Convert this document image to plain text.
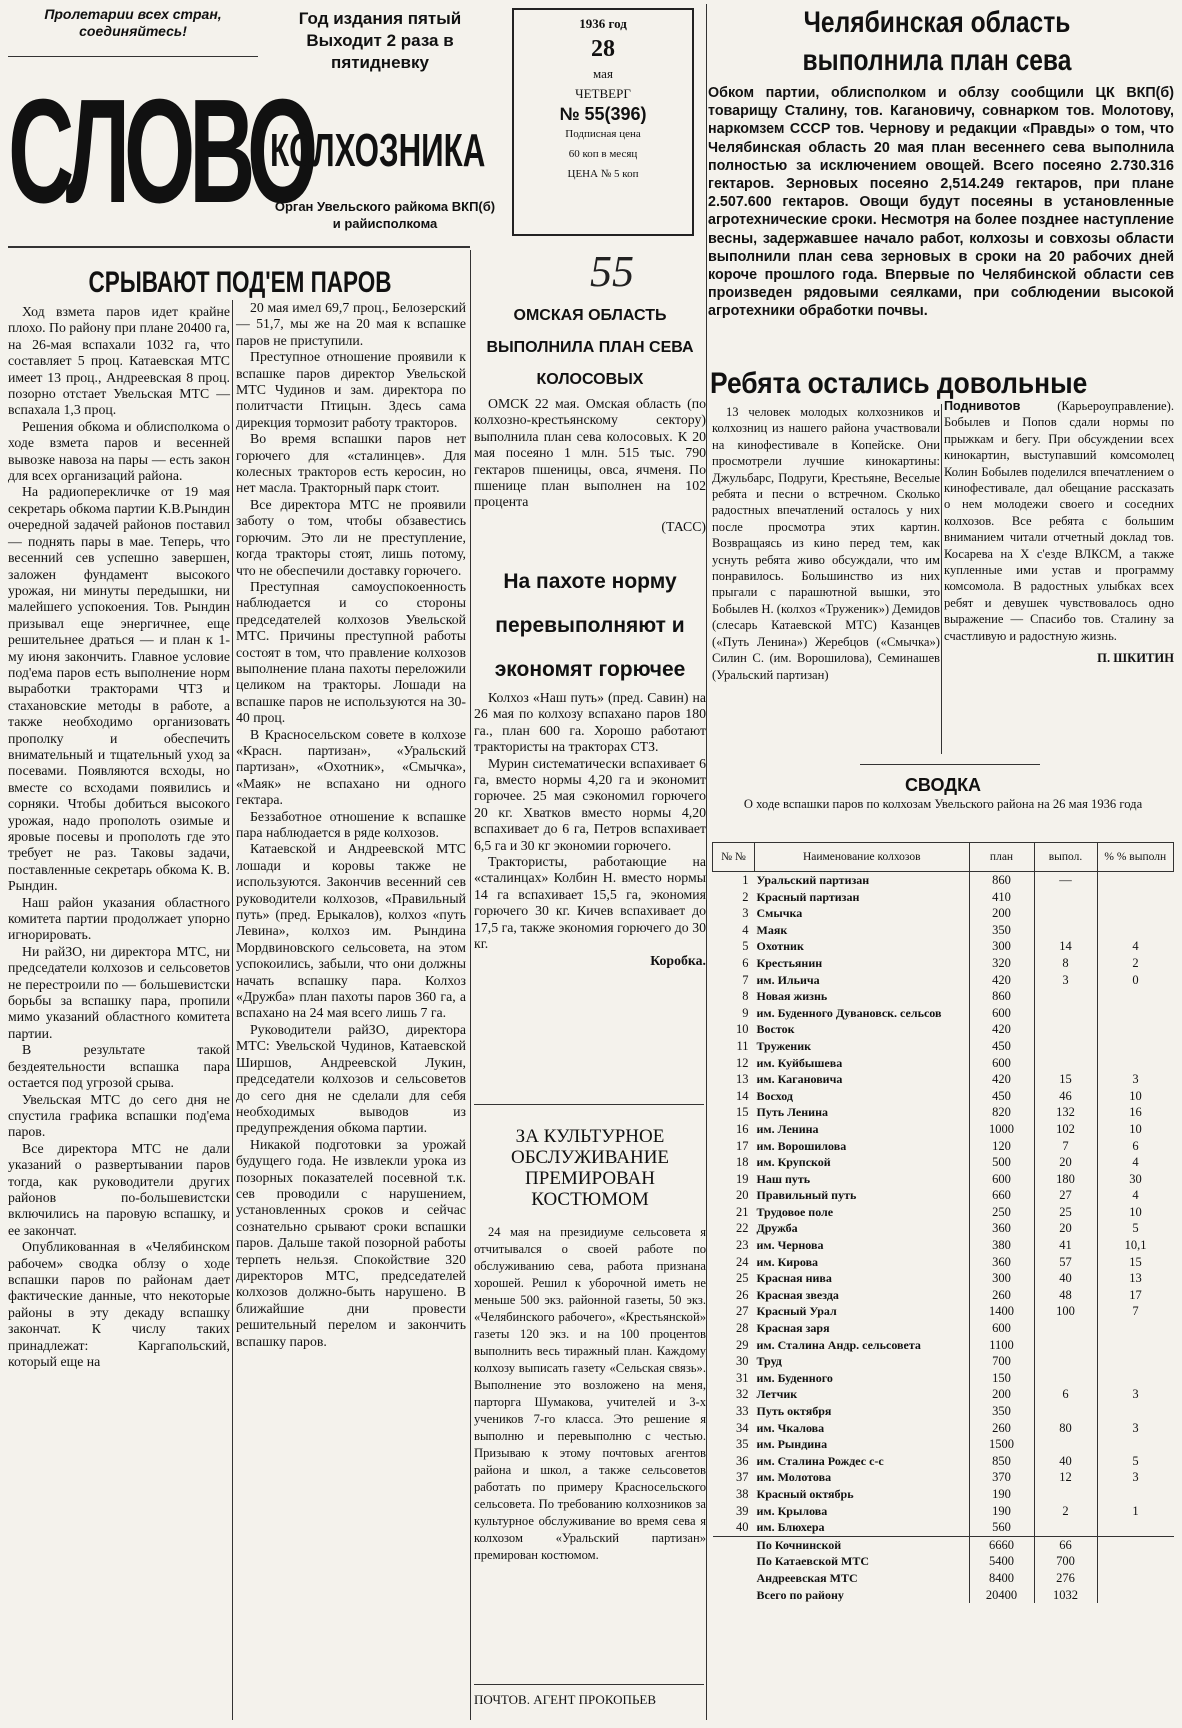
Пролетарии всех стран, соединяйтесь!
СЛОВО
Год издания пятый Выходит 2 раза в пятидневку
КОЛХОЗНИКА
Орган Увельского райкома ВКП(б) и райисполкома
1936 год
28
мая
ЧЕТВЕРГ
№ 55(396)
Подписная цена
60 коп в месяц
ЦЕНА № 5 коп
55
Челябинская область выполнила план сева
Обком партии, облисполком и облзу сообщили ЦК ВКП(б) товарищу Сталину, тов. Кагановичу, совнарком тов. Молотову, наркомзем СССР тов. Чернову и редакции «Правды» о том, что Челябинская область 20 мая план весеннего сева выполнила полностью за исключением овощей. Всего посеяно 2.730.316 гектаров. Зерновых посеяно 2,514.249 гектаров, при плане 2.507.600 гектаров. Овощи будут посеяны в установленные агротехнические сроки. Несмотря на более позднее наступление весны, задержавшее начало работ, колхозы и совхозы области выполнили план сева зерновых в сроки на 20 рабочих дней короче прошлого года. Впервые по Челябинской области сев произведен рядовыми сеялками, при соблюдении высокой агротехники обработки почвы.
СРЫВАЮТ ПОД'ЕМ ПАРОВ

Ход взмета паров идет крайне плохо. По району при плане 20400 га, на 26-мая вспахали 1032 га, что составляет 5 проц. Катаевская МТС имеет 13 проц., Андреевская 8 проц. позорно отстает Увельская МТС — вспахала 1,3 проц.

Решения обкома и облисполкома о ходе взмета паров и весенней вывозке навоза на пары — есть закон для всех организаций района.

На радиоперекличке от 19 мая секретарь обкома партии К.В.Рындин очередной задачей районов поставил — поднять пары в мае. Теперь, что весенний сев успешно завершен, заложен фундамент высокого урожая, ни минуты передышки, ни малейшего успокоения. Тов. Рындин призывал еще энергичнее, еще решительнее драться — и план к 1-му июня закончить. Главное условие под'ема паров есть выполнение норм выработки тракторами ЧТЗ и стахановские методы в работе, а также необходимо организовать прополку и обеспечить внимательный и тщательный уход за посевами. Появляются всходы, но вместе со всходами появились и сорняки. Чтобы добиться высокого урожая, надо прополоть озимые и яровые посевы и прополоть где это требует не раз. Таковы задачи, поставленные секретарь обкома К. В. Рындин.

Наш район указания областного комитета партии продолжает упорно игнорировать.

Ни райЗО, ни директора МТС, ни председатели колхозов и сельсоветов не перестроили по — большевистски борьбы за вспашку пара, пропили мимо указаний областного комитета партии.

В результате такой бездеятельности вспашка пара остается под угрозой срыва.

Увельская МТС до сего дня не спустила графика вспашки под'ема паров.

Все директора МТС не дали указаний о развертывании паров тогда, как руководители других районов по-большевистски включились на паровую вспашку, и ее закончат.

Опубликованная в «Челябинском рабочем» сводка облзу о ходе вспашки паров по районам дает фактические данные, что некоторые районы в эту декаду вспашку закончат. К числу таких принадлежат: Каргапольский, который еще на

20 мая имел 69,7 проц., Белозерский — 51,7, мы же на 20 мая к вспашке паров не приступили.

Преступное отношение проявили к вспашке паров директор Увельской МТС Чудинов и зам. директора по политчасти Птицын. Здесь сама дирекция тормозит работу тракторов.

Во время вспашки паров нет горючего для «сталинцев». Для колесных тракторов есть керосин, но нет масла. Тракторный парк стоит.

Все директора МТС не проявили заботу о том, чтобы обзавестись горючим. Это ли не преступление, когда тракторы стоят, лишь потому, что не обеспечили доставку горючего.

Преступная самоуспокоенность наблюдается и со стороны председателей колхозов Увельской МТС. Причины преступной работы состоят в том, что правление колхозов выполнение плана пахоты переложили целиком на тракторы. Лошади на вспашке паров не используются на 30-40 проц.

В Красносельском совете в колхозе «Красн. партизан», «Уральский партизан», «Охотник», «Смычка», «Маяк» не вспахано ни одного гектара.

Беззаботное отношение к вспашке пара наблюдается в ряде колхозов.

Катаевской и Андреевской МТС лошади и коровы также не используются. Закончив весенний сев руководители колхозов, «Правильный путь» (пред. Ерыкалов), колхоз «путь Левина», колхоз им. Рындина Мордвиновского сельсовета, на этом успокоились, забыли, что они должны начать вспашку пара. Колхоз «Дружба» план пахоты паров 360 га, а вспахано на 24 мая всего лишь 7 га.

Руководители райЗО, директора МТС: Увельской Чудинов, Катаевской Ширшов, Андреевской Лукин, председатели колхозов и сельсоветов до сего дня не сделали для себя необходимых выводов из предупреждения обкома партии.

Никакой подготовки за урожай будущего года. Не извлекли урока из позорных показателей посевной т.к. сев проводили с нарушением, установленных сроков и сейчас сознательно срывают сроки вспашки паров. Дальше такой позорной работы терпеть нельзя. Спокойствие 320 директоров МТС, председателей колхозов должно-быть нарушено. В ближайшие дни провести решительный перелом и закончить вспашку паров.

ОМСКАЯ ОБЛАСТЬ ВЫПОЛНИЛА ПЛАН СЕВА КОЛОСОВЫХ

ОМСК 22 мая. Омская область (по колхозно-крестьянскому сектору) выполнила план сева колосовых. К 20 мая посеяно 1 млн. 515 тыс. 790 гектаров пшеницы, овса, ячменя. По пшенице план выполнен на 102 процента

(ТАСС)
На пахоте норму перевыполняют и экономят горючее

Колхоз «Наш путь» (пред. Савин) на 26 мая по колхозу вспахано паров 180 га., план 600 га. Хорошо работают трактористы на тракторах СТЗ.

Мурин систематически вспахивает 6 га, вместо нормы 4,20 га и экономит горючее. 25 мая сэкономил горючего 20 кг. Хватков вместо нормы 4,20 вспахивает до 6 га, Петров вспахивает 6,5 га и 30 кг экономии горючего.

Трактористы, работающие на «сталинцах» Колбин Н. вместо нормы 14 га вспахивает 15,5 га, экономия горючего 30 кг. Кичев вспахивает до 17,5 га, также экономия горючего до 30 кг.

Коробка.
ЗА КУЛЬТУРНОЕ ОБСЛУЖИВАНИЕ ПРЕМИРОВАН КОСТЮМОМ

24 мая на президиуме сельсовета я отчитывался о своей работе по обслуживанию сева, работа признана хорошей. Решил к уборочной иметь не меньше 500 экз. районной газеты, 50 экз. «Челябинского рабочего», «Крестьянской» газеты 120 экз. и на 100 процентов выполнить весь тиражный план. Каждому колхозу выписать газету «Сельская связь». Выполнение это возложено на меня, парторга Шумакова, учителей и 3-х учеников 7-го класса. Это решение я выполню и перевыполню с честью. Призываю к этому почтовых агентов района и школ, а также сельсоветов работать по примеру Красносельского сельсовета. По требованию колхозников за культурное обслуживание во время сева я колхозом «Уральский партизан» премирован костюмом.

ПОЧТОВ. АГЕНТ ПРОКОПЬЕВ
Ребята остались довольные

13 человек молодых колхозников и колхозниц из нашего района участвовали на кинофестивале в Копейске. Они просмотрели лучшие кинокартины: Джульбарс, Подруги, Крестьяне, Веселые ребята и песни о встречном. Сколько радостных впечатлений осталось у них после просмотра этих картин. Возвращаясь из кино перед тем, как уснуть ребята живо обсуждали, что им понравилось. Большинство из них прыгали с парашютной вышки, это Бобылев Н. (колхоз «Труженик») Демидов (слесарь Катаевской МТС) Казанцев («Путь Ленина») Жеребцов («Смычка») Силин С. (им. Ворошилова), Семинашев (Уральский партизан)

Поднивотов	(Карьероуправление). Бобылев и Попов сдали нормы по прыжкам и бегу. При обсуждении всех кинокартин, выступавший комсомолец Колин Бобылев поделился впечатлением о кинофестивале, дал обещание рассказать о нем молодежи своего и соседних колхозов. Все ребята с большим вниманием читали отчетный доклад тов. Косарева на X с'езде ВЛКСМ, а также купленные ими устав и программу комсомола. В радостных улыбках всех ребят и девушек чувствовалось одно выражение — Спасибо тов. Сталину за счастливую и радостную жизнь.

П. ШКИТИН
СВОДКА
О ходе вспашки паров по колхозам Увельского района на 26 мая 1936 года
№ №	Наименование колхозов	план	выпол.	% % выполн
1	Уральский партизан	860	—	
2	Красный партизан	410		
3	Смычка	200		
4	Маяк	350		
5	Охотник	300	14	4
6	Крестьянин	320	8	2
7	им. Ильича	420	3	0
8	Новая жизнь	860		
9	им. Буденного Дувановск. сельсов	600		
10	Восток	420		
11	Труженик	450		
12	им. Куйбышева	600		
13	им. Кагановича	420	15	3
14	Восход	450	46	10
15	Путь Ленина	820	132	16
16	им. Ленина	1000	102	10
17	им. Ворошилова	120	7	6
18	им. Крупской	500	20	4
19	Наш путь	600	180	30
20	Правильный путь	660	27	4
21	Трудовое поле	250	25	10
22	Дружба	360	20	5
23	им. Чернова	380	41	10,1
24	им. Кирова	360	57	15
25	Красная нива	300	40	13
26	Красная звезда	260	48	17
27	Красный Урал	1400	100	7
28	Красная заря	600		
29	им. Сталина Андр. сельсовета	1100		
30	Труд	700		
31	им. Буденного	150		
32	Летчик	200	6	3
33	Путь октября	350		
34	им. Чкалова	260	80	3
35	им. Рындина	1500		
36	им. Сталина Рождес с-с	850	40	5
37	им. Молотова	370	12	3
38	Красный октябрь	190		
39	им. Крылова	190	2	1
40	им. Блюхера	560		
	По Кочнинской	6660	66	
	По Катаевской МТС	5400	700	
	Андреевская МТС	8400	276	
	Всего по району	20400	1032	
